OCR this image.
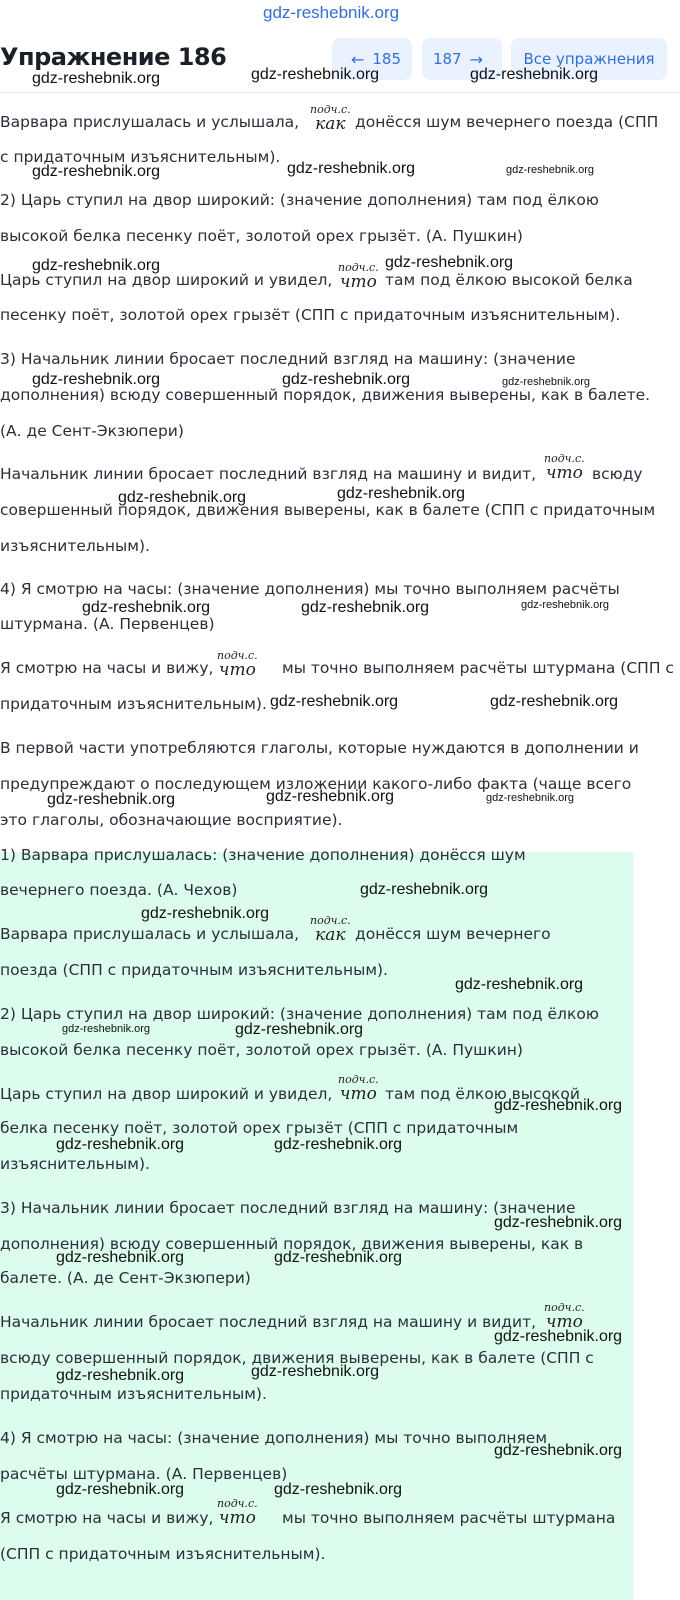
gdz-reshebnik.org
Упражнение 186	← 185 187 →	Все упражнения
Варварa прислушалась и услышала,	донёсся шум вечернего поезда (СПП
с придаточным изъяснительным).
2) Царь ступил на двор широкий: (значение дополнения) там под ёлкою
высокой белка песенку поёт, золотой орех грызёт. (А. Пушкин)
Царь ступил на двор широкий и увидел,	там под ёлкою высокой белка
песенку поёт, золотой орех грызёт (СПП с придаточным изъяснительным).
3) Начальник линии бросает последний взгляд на машину: (значение
дополнения) всюду совершенный порядок, движения выверены, как в балете.
(А. де Сент-Экзюпери)
Начальник линии бросает последний взгляд на машину и видит,	всюду
совершенный порядок, движения выверены, как в балете (СПП с придаточным
изъяснительным).
4) Я смотрю на часы: (значение дополнения) мы точно выполняем расчёты
штурмана. (А. Первенцев)
Я смотрю на часы и вижу,	мы точно выполняем расчёты штурмана (СПП с
придаточным изъяснительным).
В первой части употребляются глаголы, которые нуждаются в дополнении и
предупреждают о последующем изложении какого-либо факта (чаще всего
это глаголы, обозначающие восприятие).
1) Варвара прислушалась: (значение дополнения) донёсся шум
вечернего поезда. (А. Чехов)
Варвара прислушалась и услышала,	донёсся шум вечернего
поезда (СПП с придаточным изъяснительным).
2) Царь ступил на двор широкий: (значение дополнения) там под ёлкою
высокой белка песенку поёт, золотой орех грызёт. (А. Пушкин)
Царь ступил на двор широкий и увидел,	там под ёлкою высокой
белка песенку поёт, золотой орех грызёт (СПП с придаточным
изъяснительным).
3) Начальник линии бросает последний взгляд на машину: (значение
дополнения) всюду совершенный порядок, движения выверены, как в
балете. (А. де Сент-Экзюпери)
Начальник линии бросает последний взгляд на машину и видит,
всюду совершенный порядок, движения выверены, как в балете (СПП с
придаточным изъяснительным).
4) Я смотрю на часы: (значение дополнения) мы точно выполняем
расчёты штурмана. (А. Первенцев)
Я смотрю на часы и вижу,	мы точно выполняем расчёты штурмана
(СПП с придаточным изъяснительным).
подч.с.
как
подч.с.
что
подч.с.
что
подч.с.
что
подч.с.
как
подч.с.
что
подч.с.
что
подч.с.
что
gdz-reshebnik.org	gdz-reshebnik.org	gdz-reshebnik.org
gdz-reshebnik.org	gdz-reshebnik.org	gdz-reshebnik.org
gdz-reshebnik.org	gdz-reshebnik.org
gdz-reshebnik.org	gdz-reshebnik.org	gdz-reshebnik.org
gdz-reshebnik.org	gdz-reshebnik.org
gdz-reshebnik.org	gdz-reshebnik.org	gdz-reshebnik.org
gdz-reshebnik.org	gdz-reshebnik.org
gdz-reshebnik.org	gdz-reshebnik.org	gdz-reshebnik.org
gdz-reshebnik.org
gdz-reshebnik.org
gdz-reshebnik.org
gdz-reshebnik.org	gdz-reshebnik.org
gdz-reshebnik.org
gdz-reshebnik.org	gdz-reshebnik.org
gdz-reshebnik.org
gdz-reshebnik.org	gdz-reshebnik.org
gdz-reshebnik.org
gdz-reshebnik.org	gdz-reshebnik.org
gdz-reshebnik.org
gdz-reshebnik.org	gdz-reshebnik.org
